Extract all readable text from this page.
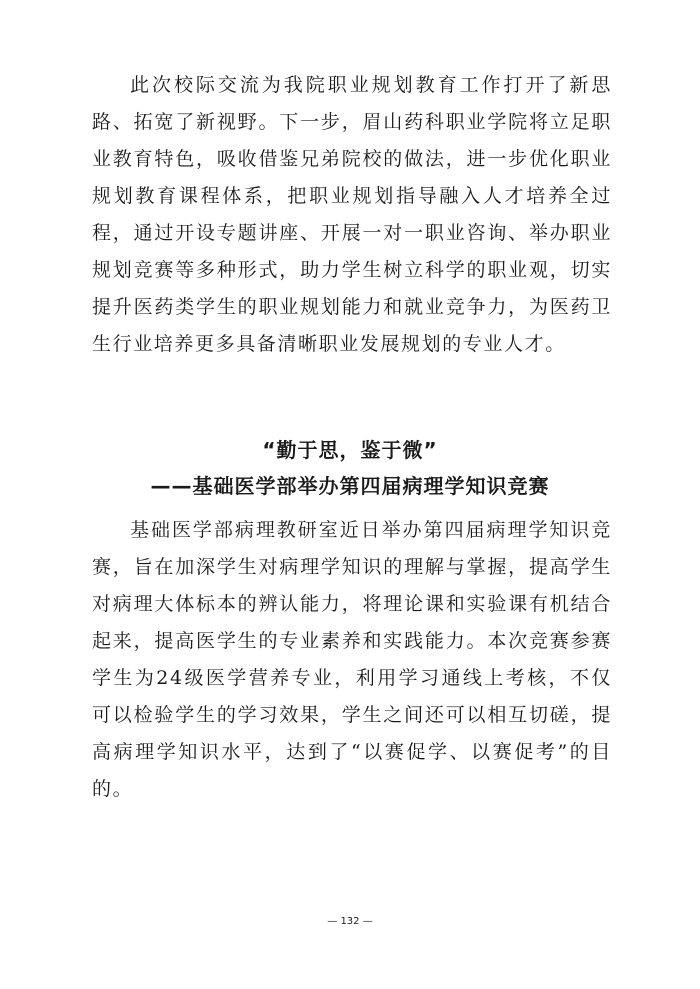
此次校际交流为我院职业规划教育工作打开了新思路、拓宽了新视野。下一步，眉山药科职业学院将立足职业教育特色，吸收借鉴兄弟院校的做法，进一步优化职业规划教育课程体系，把职业规划指导融入人才培养全过程，通过开设专题讲座、开展一对一职业咨询、举办职业规划竞赛等多种形式，助力学生树立科学的职业观，切实提升医药类学生的职业规划能力和就业竞争力，为医药卫生行业培养更多具备清晰职业发展规划的专业人才。

“勤于思，鉴于微”
——基础医学部举办第四届病理学知识竞赛

基础医学部病理教研室近日举办第四届病理学知识竞赛，旨在加深学生对病理学知识的理解与掌握，提高学生对病理大体标本的辨认能力，将理论课和实验课有机结合起来，提高医学生的专业素养和实践能力。本次竞赛参赛学生为24级医学营养专业，利用学习通线上考核，不仅可以检验学生的学习效果，学生之间还可以相互切磋，提高病理学知识水平，达到了“以赛促学、以赛促考”的目的。

— 132 —
